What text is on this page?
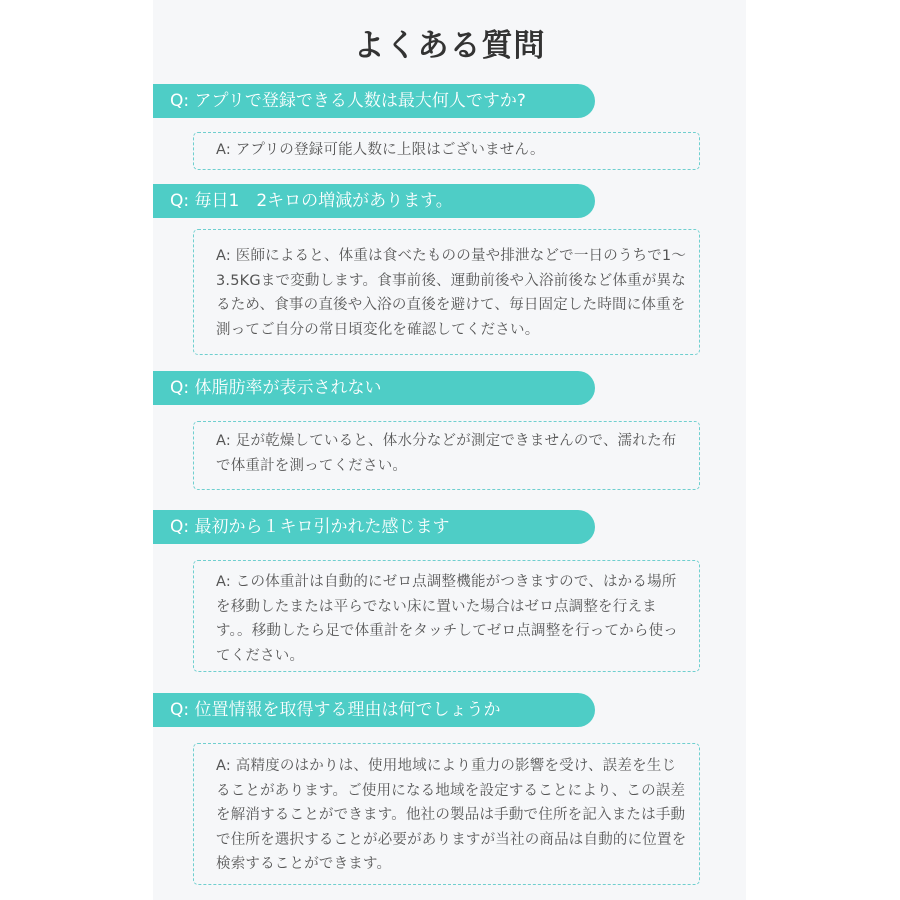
よくある質問
Q: アプリで登録できる人数は最大何人ですか?
A: アプリの登録可能人数に上限はございません。
Q: 毎日1　2キロの増減があります。
A: 医師によると、体重は食べたものの量や排泄などで一日のうちで1～3.5KGまで変動します。食事前後、運動前後や入浴前後など体重が異なるため、食事の直後や入浴の直後を避けて、毎日固定した時間に体重を測ってご自分の常日頃変化を確認してください。
Q: 体脂肪率が表示されない
A: 足が乾燥していると、体水分などが測定できませんので、濡れた布で体重計を測ってください。
Q: 最初から１キロ引かれた感じます
A: この体重計は自動的にゼロ点調整機能がつきますので、はかる場所を移動したまたは平らでない床に置いた場合はゼロ点調整を行えます。。移動したら足で体重計をタッチしてゼロ点調整を行ってから使ってください。
Q: 位置情報を取得する理由は何でしょうか
A: 高精度のはかりは、使用地域により重力の影響を受け、誤差を生じることがあります。ご使用になる地域を設定することにより、この誤差を解消することができます。他社の製品は手動で住所を記入または手動で住所を選択することが必要がありますが当社の商品は自動的に位置を検索することができます。
